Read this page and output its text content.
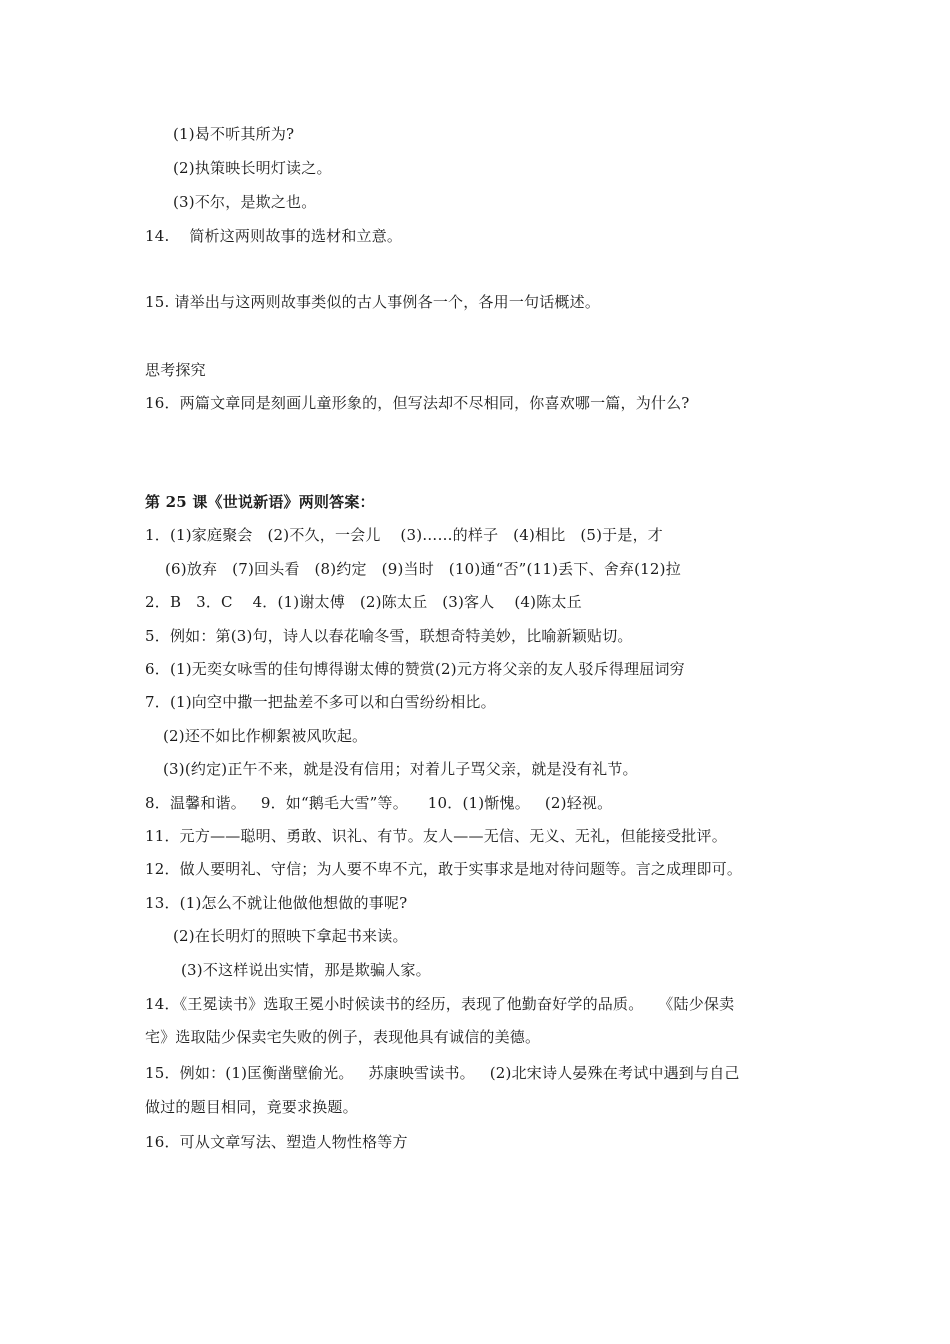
(1)曷不听其所为?
(2)执策映长明灯读之。
(3)不尔，是欺之也。
14.    简析这两则故事的选材和立意。
15. 请举出与这两则故事类似的古人事例各一个，各用一句话概述。
思考探究
16．两篇文章同是刻画儿童形象的，但写法却不尽相同，你喜欢哪一篇，为什么?
第 25 课《世说新语》两则答案：
1．(1)家庭聚会   (2)不久，一会儿    (3)……的样子   (4)相比   (5)于是，才
(6)放弃   (7)回头看   (8)约定   (9)当时   (10)通“否”(11)丢下、舍弃(12)拉
2．B   3．C    4．(1)谢太傅   (2)陈太丘   (3)客人    (4)陈太丘
5．例如：第(3)句，诗人以春花喻冬雪，联想奇特美妙，比喻新颖贴切。
6．(1)无奕女咏雪的佳句博得谢太傅的赞赏(2)元方将父亲的友人驳斥得理屈词穷
7．(1)向空中撒一把盐差不多可以和白雪纷纷相比。
(2)还不如比作柳絮被风吹起。
(3)(约定)正午不来，就是没有信用；对着儿子骂父亲，就是没有礼节。
8．温馨和谐。   9．如“鹅毛大雪”等。    10．(1)惭愧。   (2)轻视。
11．元方——聪明、勇敢、识礼、有节。友人——无信、无义、无礼，但能接受批评。
12．做人要明礼、守信；为人要不卑不亢，敢于实事求是地对待问题等。言之成理即可。
13．(1)怎么不就让他做他想做的事呢?
(2)在长明灯的照映下拿起书来读。
(3)不这样说出实情，那是欺骗人家。
14．《王冕读书》选取王冕小时候读书的经历，表现了他勤奋好学的品质。   《陆少保卖
宅》选取陆少保卖宅失败的例子，表现他具有诚信的美德。
15．例如：(1)匡衡凿壁偷光。   苏康映雪读书。   (2)北宋诗人晏殊在考试中遇到与自己
做过的题目相同，竟要求换题。
16．可从文章写法、塑造人物性格等方
